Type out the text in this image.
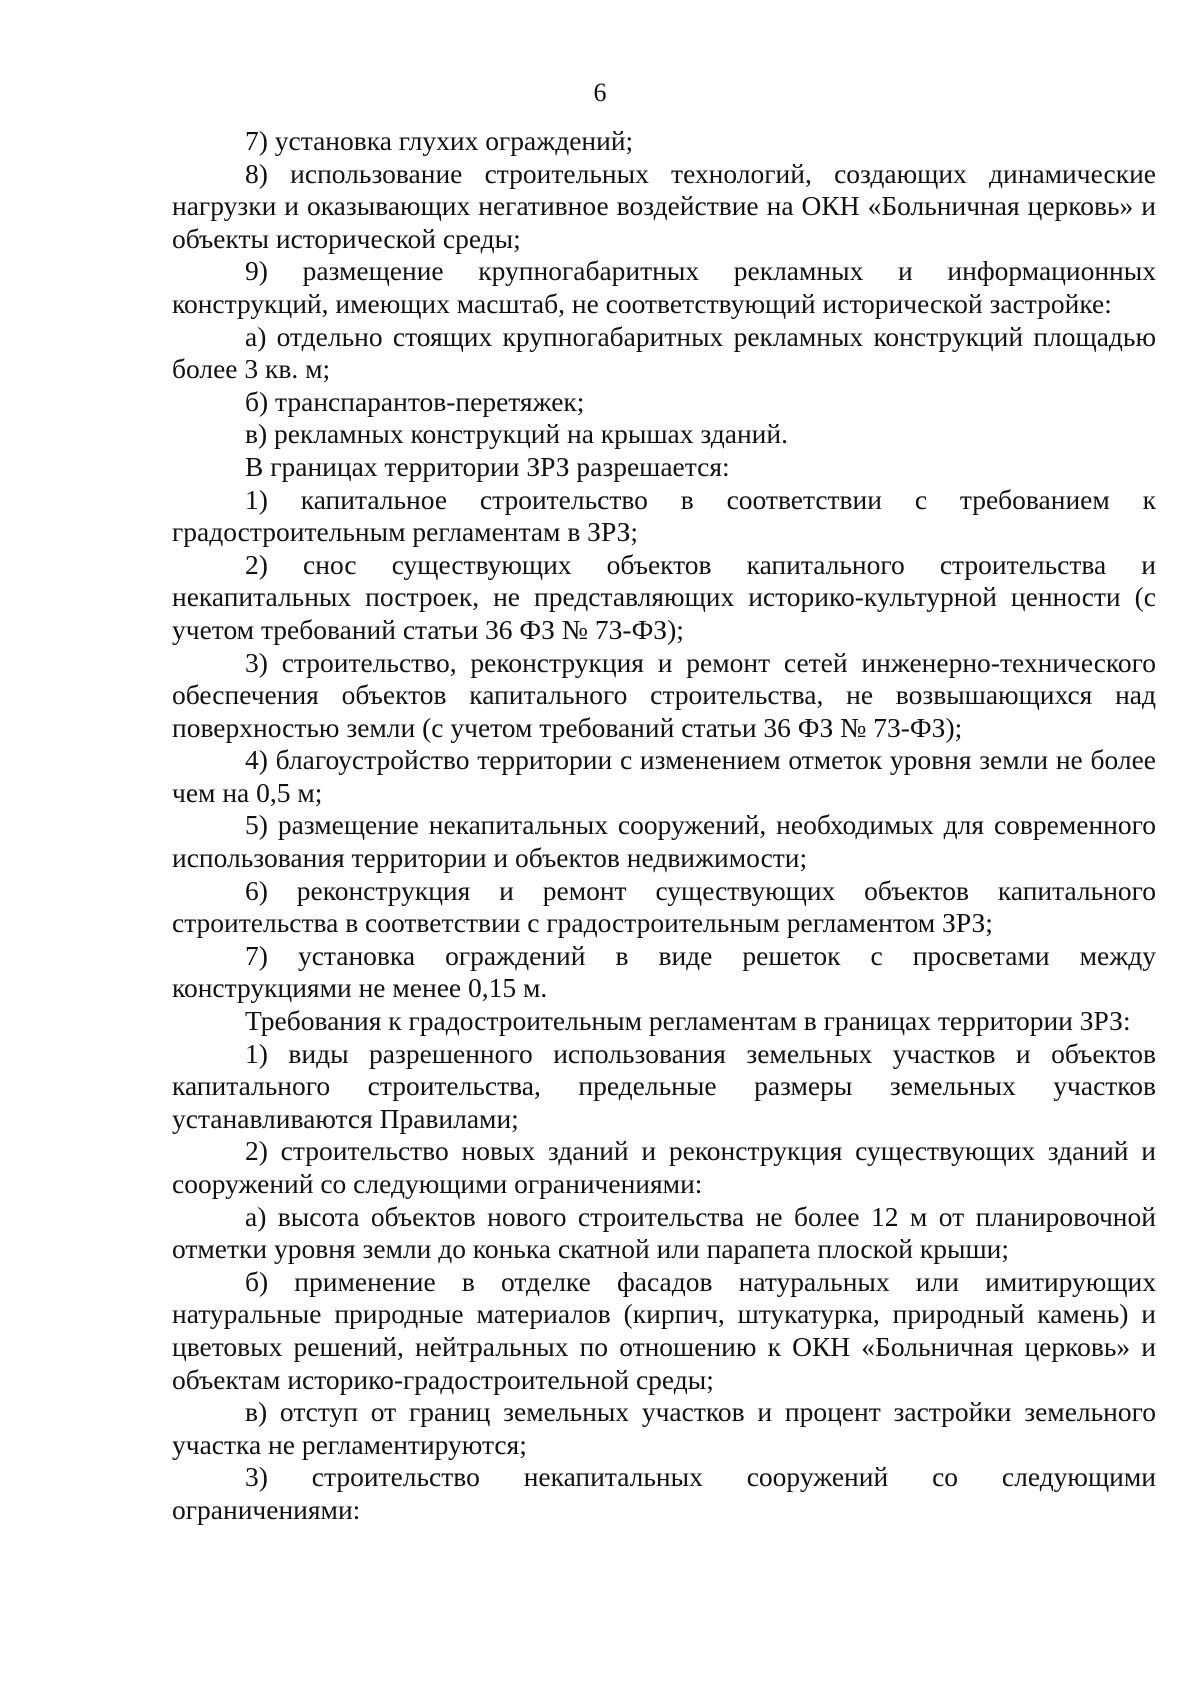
6

7) установка глухих ограждений;

8) использование строительных технологий, создающих динамические нагрузки и оказывающих негативное воздействие на ОКН «Больничная церковь» и объекты исторической среды;

9) размещение крупногабаритных рекламных и информационных конструкций, имеющих масштаб, не соответствующий исторической застройке:

а) отдельно стоящих крупногабаритных рекламных конструкций площадью более 3 кв. м;

б) транспарантов-перетяжек;

в) рекламных конструкций на крышах зданий.

В границах территории ЗРЗ разрешается:

1) капитальное строительство в соответствии с требованием к градостроительным регламентам в ЗРЗ;

2) снос существующих объектов капитального строительства и некапитальных построек, не представляющих историко-культурной ценности (с учетом требований статьи 36 ФЗ № 73-ФЗ);

3) строительство, реконструкция и ремонт сетей инженерно-технического обеспечения объектов капитального строительства, не возвышающихся над поверхностью земли (с учетом требований статьи 36 ФЗ № 73-ФЗ);

4) благоустройство территории с изменением отметок уровня земли не более чем на 0,5 м;

5) размещение некапитальных сооружений, необходимых для современного использования территории и объектов недвижимости;

6) реконструкция и ремонт существующих объектов капитального строительства в соответствии с градостроительным регламентом ЗРЗ;

7) установка ограждений в виде решеток с просветами между конструкциями не менее 0,15 м.

Требования к градостроительным регламентам в границах территории ЗРЗ:

1) виды разрешенного использования земельных участков и объектов капитального строительства, предельные размеры земельных участков устанавливаются Правилами;

2) строительство новых зданий и реконструкция существующих зданий и сооружений со следующими ограничениями:

а) высота объектов нового строительства не более 12 м от планировочной отметки уровня земли до конька скатной или парапета плоской крыши;

б) применение в отделке фасадов натуральных или имитирующих натуральные природные материалов (кирпич, штукатурка, природный камень) и цветовых решений, нейтральных по отношению к ОКН «Больничная церковь» и объектам историко-градостроительной среды;

в) отступ от границ земельных участков и процент застройки земельного участка не регламентируются;

3) строительство некапитальных сооружений со следующими ограничениями:
